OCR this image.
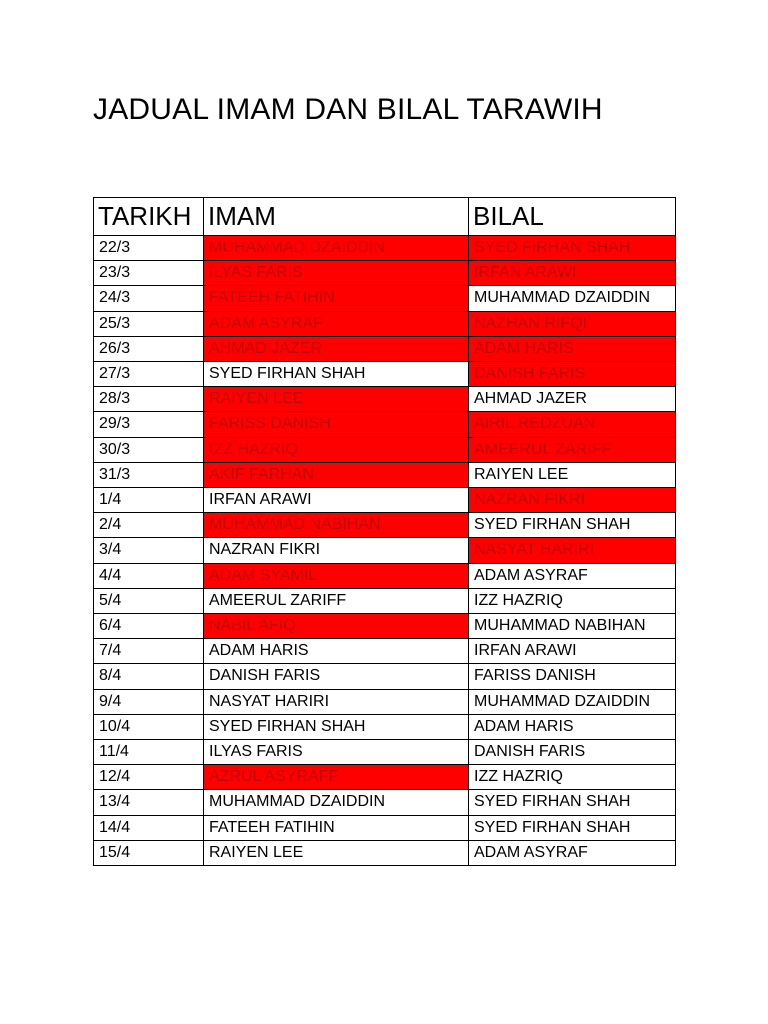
JADUAL IMAM DAN BILAL TARAWIH
TARIKH	IMAM	BILAL
22/3	MUHAMMAD DZAIDDIN	SYED FIRHAN SHAH
23/3	ILYAS FARIS	IRFAN ARAWI
24/3	FATEEH FATIHIN	MUHAMMAD DZAIDDIN
25/3	ADAM ASYRAF	NAZHAN RIFQI
26/3	AHMAD JAZER	ADAM HARIS
27/3	SYED FIRHAN SHAH	DANISH FARIS
28/3	RAIYEN LEE	AHMAD JAZER
29/3	FARISS DANISH	AIRIL REDZUAN
30/3	IZZ HAZRIQ	AMEERUL ZARIFF
31/3	AKIF FARHAN	RAIYEN LEE
1/4	IRFAN ARAWI	NAZRAN FIKRI
2/4	MUHAMMAD NABIHAN	SYED FIRHAN SHAH
3/4	NAZRAN FIKRI	NASYAT HARIRI
4/4	ADAM SYAMIL	ADAM ASYRAF
5/4	AMEERUL ZARIFF	IZZ HAZRIQ
6/4	NABIL AFIQ	MUHAMMAD NABIHAN
7/4	ADAM HARIS	IRFAN ARAWI
8/4	DANISH FARIS	FARISS DANISH
9/4	NASYAT HARIRI	MUHAMMAD DZAIDDIN
10/4	SYED FIRHAN SHAH	ADAM HARIS
11/4	ILYAS FARIS	DANISH FARIS
12/4	AZRUL ASYRAFF	IZZ HAZRIQ
13/4	MUHAMMAD DZAIDDIN	SYED FIRHAN SHAH
14/4	FATEEH FATIHIN	SYED FIRHAN SHAH
15/4	RAIYEN LEE	ADAM ASYRAF
